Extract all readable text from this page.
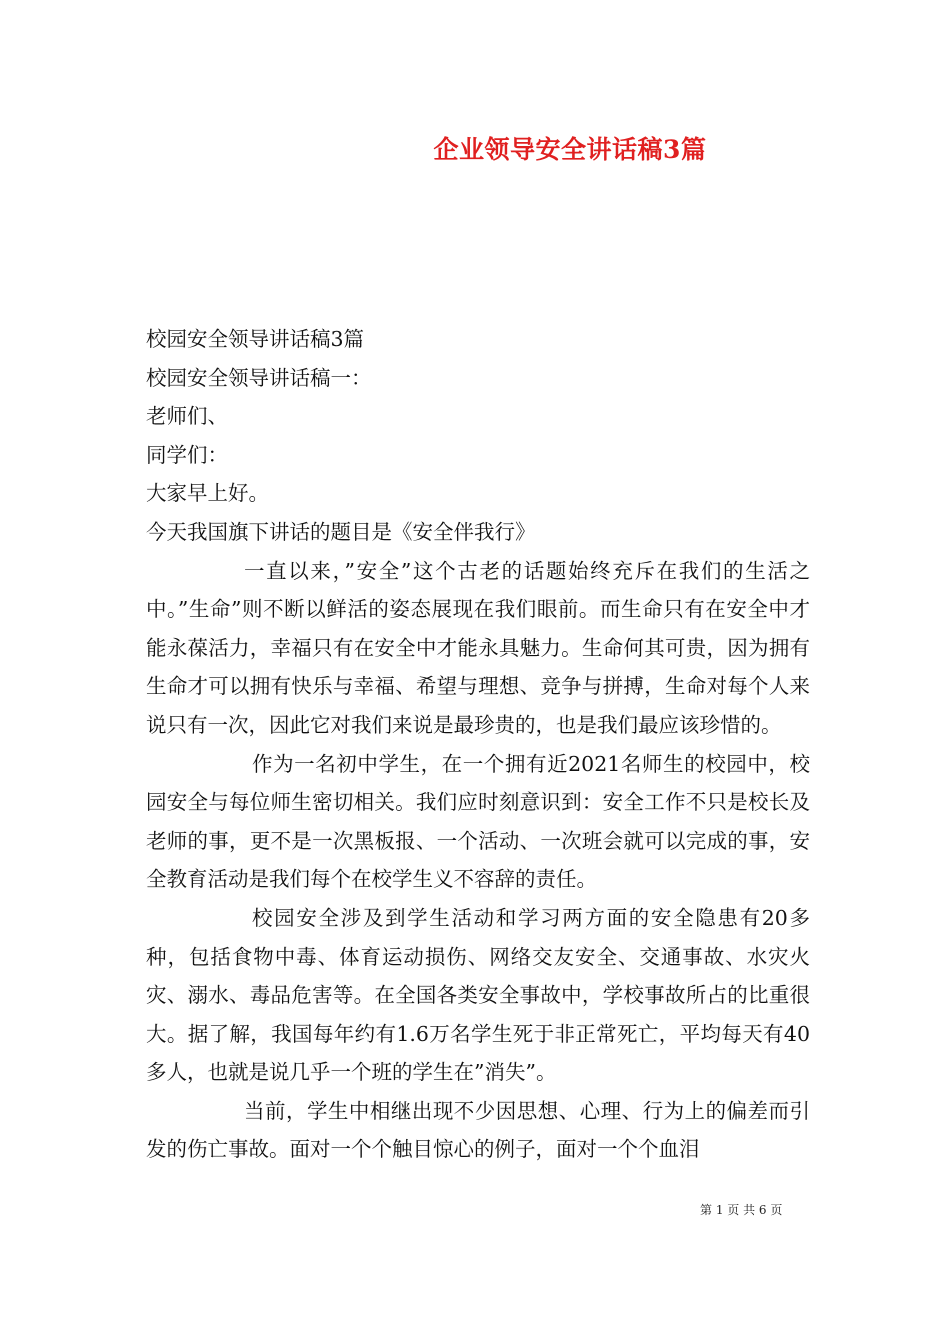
企业领导安全讲话稿3篇

校园安全领导讲话稿3篇

校园安全领导讲话稿一：

老师们、

同学们：

大家早上好。

今天我国旗下讲话的题目是《安全伴我行》

一直以来，”安全”这个古老的话题始终充斥在我们的生活之中。”生命”则不断以鲜活的姿态展现在我们眼前。而生命只有在安全中才能永葆活力，幸福只有在安全中才能永具魅力。生命何其可贵，因为拥有生命才可以拥有快乐与幸福、希望与理想、竞争与拼搏，生命对每个人来说只有一次，因此它对我们来说是最珍贵的，也是我们最应该珍惜的。

作为一名初中学生，在一个拥有近2021名师生的校园中，校园安全与每位师生密切相关。我们应时刻意识到：安全工作不只是校长及老师的事，更不是一次黑板报、一个活动、一次班会就可以完成的事，安全教育活动是我们每个在校学生义不容辞的责任。

校园安全涉及到学生活动和学习两方面的安全隐患有20多种，包括食物中毒、体育运动损伤、网络交友安全、交通事故、水灾火灾、溺水、毒品危害等。在全国各类安全事故中，学校事故所占的比重很大。据了解，我国每年约有1.6万名学生死于非正常死亡，平均每天有40多人，也就是说几乎一个班的学生在”消失”。

当前，学生中相继出现不少因思想、心理、行为上的偏差而引发的伤亡事故。面对一个个触目惊心的例子，面对一个个血泪

第 1 页 共 6 页
